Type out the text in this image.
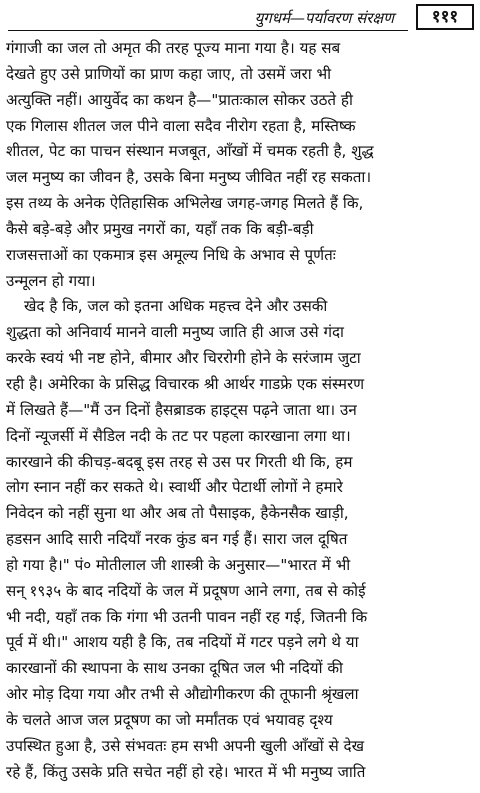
युगधर्म—पर्यावरण संरक्षण	१११
गंगाजी का जल तो अमृत की तरह पूज्य माना गया है। यह सब
देखते हुए उसे प्राणियों का प्राण कहा जाए, तो उसमें जरा भी
अत्युक्ति नहीं। आयुर्वेद का कथन है—"प्रातःकाल सोकर उठते ही
एक गिलास शीतल जल पीने वाला सदैव नीरोग रहता है, मस्तिष्क
शीतल, पेट का पाचन संस्थान मजबूत, आँखों में चमक रहती है, शुद्ध
जल मनुष्य का जीवन है, उसके बिना मनुष्य जीवित नहीं रह सकता।
इस तथ्य के अनेक ऐतिहासिक अभिलेख जगह-जगह मिलते हैं कि,
कैसे बड़े-बड़े और प्रमुख नगरों का, यहाँ तक कि बड़ी-बड़ी
राजसत्ताओं का एकमात्र इस अमूल्य निधि के अभाव से पूर्णतः
उन्मूलन हो गया।
खेद है कि, जल को इतना अधिक महत्त्व देने और उसकी
शुद्धता को अनिवार्य मानने वाली मनुष्य जाति ही आज उसे गंदा
करके स्वयं भी नष्ट होने, बीमार और चिररोगी होने के सरंजाम जुटा
रही है। अमेरिका के प्रसिद्ध विचारक श्री आर्थर गाडफ्रे एक संस्मरण
में लिखते हैं—"मैं उन दिनों हैसब्राडक हाइट्स पढ़ने जाता था। उन
दिनों न्यूजर्सी में सैडिल नदी के तट पर पहला कारखाना लगा था।
कारखाने की कीचड़-बदबू इस तरह से उस पर गिरती थी कि, हम
लोग स्नान नहीं कर सकते थे। स्वार्थी और पेटार्थी लोगों ने हमारे
निवेदन को नहीं सुना था और अब तो पैसाइक, हैकेनसैक खाड़ी,
हडसन आदि सारी नदियाँ नरक कुंड बन गई हैं। सारा जल दूषित
हो गया है।" पं० मोतीलाल जी शास्त्री के अनुसार—"भारत में भी
सन् १९३५ के बाद नदियों के जल में प्रदूषण आने लगा, तब से कोई
भी नदी, यहाँ तक कि गंगा भी उतनी पावन नहीं रह गई, जितनी कि
पूर्व में थी।" आशय यही है कि, तब नदियों में गटर पड़ने लगे थे या
कारखानों की स्थापना के साथ उनका दूषित जल भी नदियों की
ओर मोड़ दिया गया और तभी से औद्योगीकरण की तूफानी श्रृंखला
के चलते आज जल प्रदूषण का जो मर्मांतक एवं भयावह दृश्य
उपस्थित हुआ है, उसे संभवतः हम सभी अपनी खुली आँखों से देख
रहे हैं, किंतु उसके प्रति सचेत नहीं हो रहे। भारत में भी मनुष्य जाति
